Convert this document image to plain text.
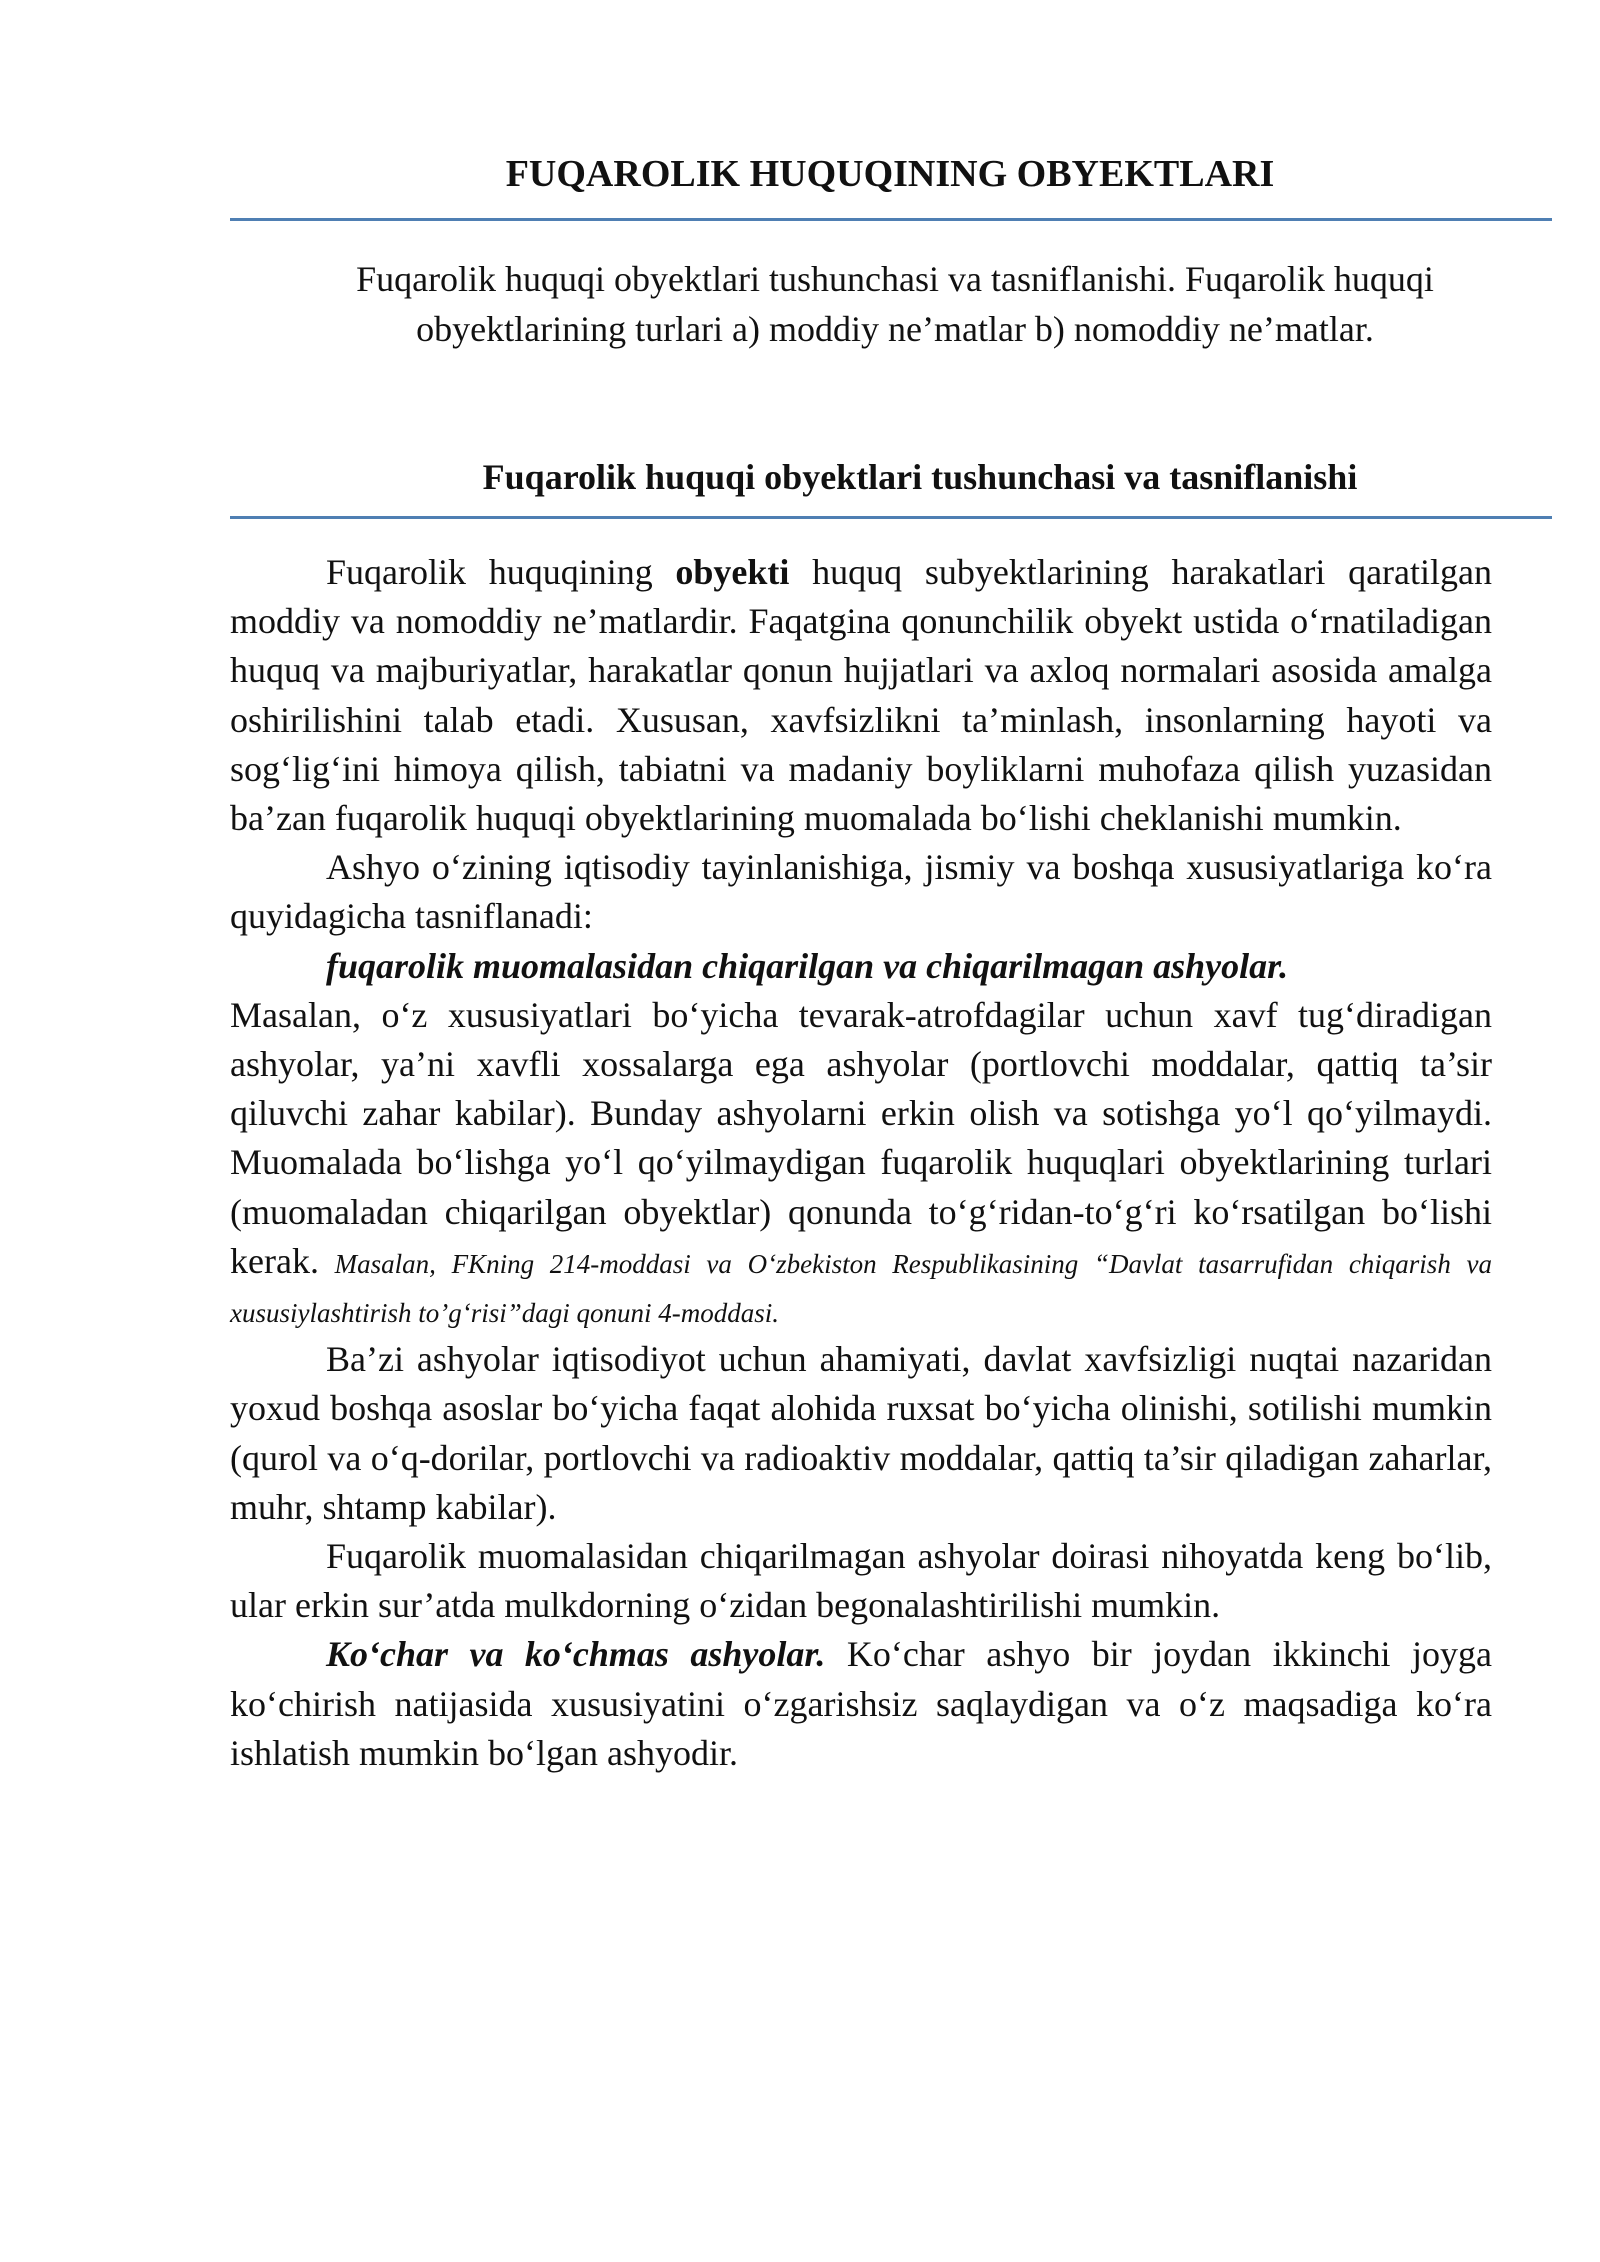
FUQAROLIK HUQUQINING OBYEKTLARI

Fuqarolik huquqi obyektlari tushunchasi va tasniflanishi. Fuqarolik huquqi obyektlarining turlari a) moddiy ne’matlar b) nomoddiy ne’matlar.

Fuqarolik huquqi obyektlari tushunchasi va tasniflanishi

Fuqarolik huquqining obyekti huquq subyektlarining harakatlari qaratilgan moddiy va nomoddiy ne’matlardir. Faqatgina qonunchilik obyekt ustida o‘rnatiladigan huquq va majburiyatlar, harakatlar qonun hujjatlari va axloq normalari asosida amalga oshirilishini talab etadi. Xususan, xavfsizlikni ta’minlash, insonlarning hayoti va sog‘lig‘ini himoya qilish, tabiatni va madaniy boyliklarni muhofaza qilish yuzasidan ba’zan fuqarolik huquqi obyektlarining muomalada bo‘lishi cheklanishi mumkin.

Ashyo o‘zining iqtisodiy tayinlanishiga, jismiy va boshqa xususiyatlariga ko‘ra quyidagicha tasniflanadi:

fuqarolik muomalasidan chiqarilgan va chiqarilmagan ashyolar.

Masalan, o‘z xususiyatlari bo‘yicha tevarak-atrofdagilar uchun xavf tug‘diradigan ashyolar, ya’ni xavfli xossalarga ega ashyolar (portlovchi moddalar, qattiq ta’sir qiluvchi zahar kabilar). Bunday ashyolarni erkin olish va sotishga yo‘l qo‘yilmaydi. Muomalada bo‘lishga yo‘l qo‘yilmaydigan fuqarolik huquqlari obyektlarining turlari (muomaladan chiqarilgan obyektlar) qonunda to‘g‘ridan-to‘g‘ri ko‘rsatilgan bo‘lishi kerak. Masalan, FKning 214-moddasi va O‘zbekiston Respublikasining “Davlat tasarrufidan chiqarish va xususiylashtirish to’g‘risi”dagi qonuni 4-moddasi.

Ba’zi ashyolar iqtisodiyot uchun ahamiyati, davlat xavfsizligi nuqtai nazaridan yoxud boshqa asoslar bo‘yicha faqat alohida ruxsat bo‘yicha olinishi, sotilishi mumkin (qurol va o‘q-dorilar, portlovchi va radioaktiv moddalar, qattiq ta’sir qiladigan zaharlar, muhr, shtamp kabilar).

Fuqarolik muomalasidan chiqarilmagan ashyolar doirasi nihoyatda keng bo‘lib, ular erkin sur’atda mulkdorning o‘zidan begonalashtirilishi mumkin.

Ko‘char va ko‘chmas ashyolar. Ko‘char ashyo bir joydan ikkinchi joyga ko‘chirish natijasida xususiyatini o‘zgarishsiz saqlaydigan va o‘z maqsadiga ko‘ra ishlatish mumkin bo‘lgan ashyodir.
